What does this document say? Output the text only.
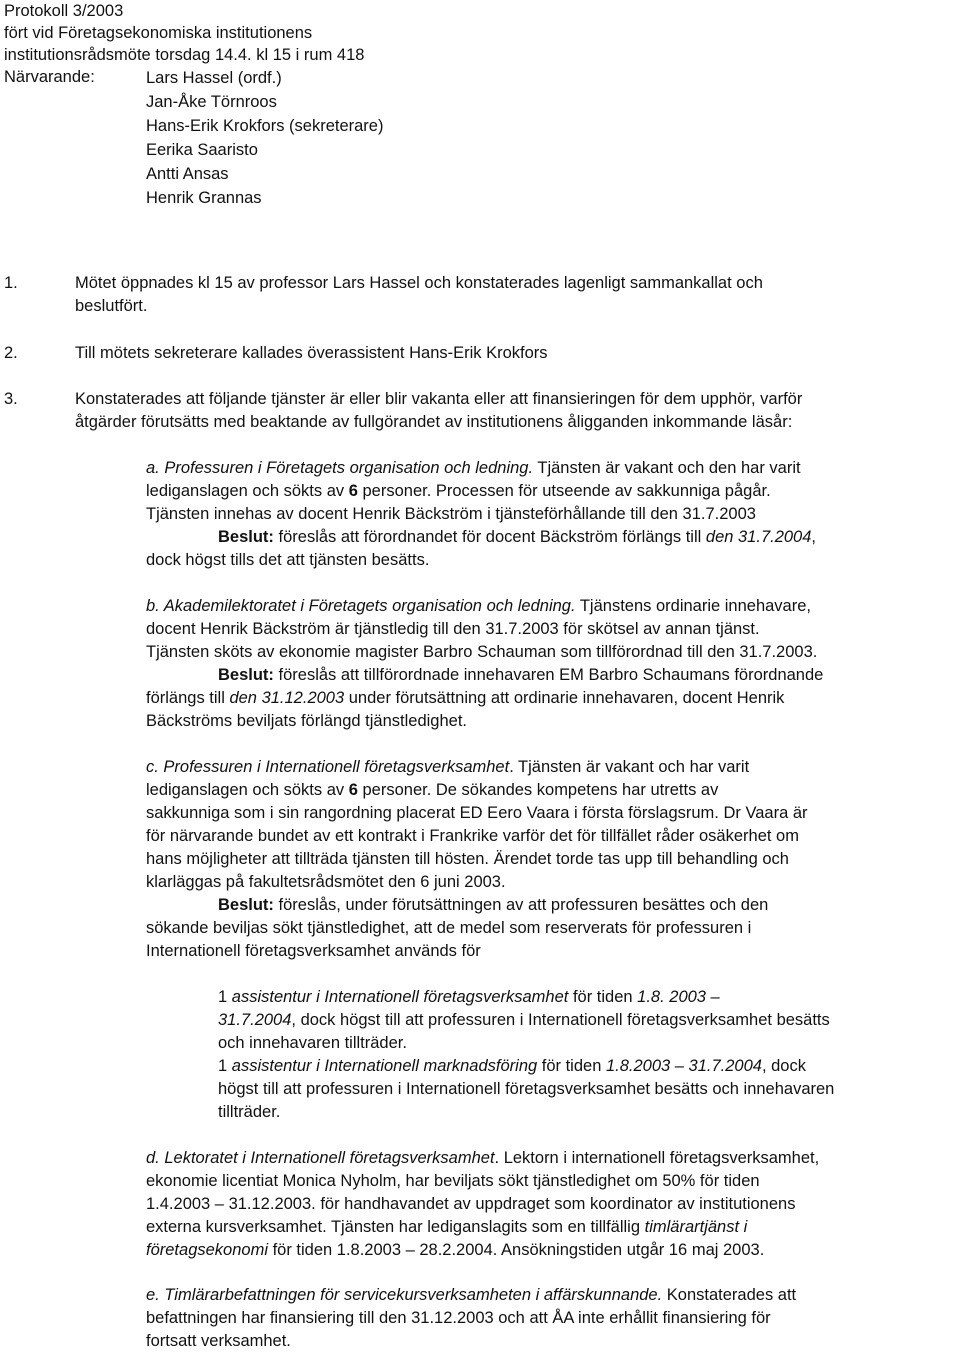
Protokoll 3/2003
fört vid Företagsekonomiska institutionens
institutionsrådsmöte torsdag 14.4. kl 15 i rum 418
Närvarande:	Lars Hassel (ordf.)
Jan-Åke Törnroos
Hans-Erik Krokfors (sekreterare)
Eerika Saaristo
Antti Ansas
Henrik Grannas
1.	Mötet öppnades kl 15 av professor Lars Hassel och konstaterades lagenligt sammankallat och
beslutfört.
2.	Till mötets sekreterare kallades överassistent Hans-Erik Krokfors
3.	Konstaterades att följande tjänster är eller blir vakanta eller att finansieringen för dem upphör, varför
åtgärder förutsätts med beaktande av fullgörandet av institutionens åligganden inkommande läsår:
a. Professuren i Företagets organisation och ledning. Tjänsten är vakant och den har varit
lediganslagen och sökts av 6 personer. Processen för utseende av sakkunniga pågår.
Tjänsten innehas av docent Henrik Bäckström i tjänsteförhållande till den 31.7.2003
Beslut: föreslås att förordnandet för docent Bäckström förlängs till den 31.7.2004,
dock högst tills det att tjänsten besätts.
b. Akademilektoratet i Företagets organisation och ledning. Tjänstens ordinarie innehavare,
docent Henrik Bäckström är tjänstledig till den 31.7.2003 för skötsel av annan tjänst.
Tjänsten sköts av ekonomie magister Barbro Schauman som tillförordnad till den 31.7.2003.
Beslut: föreslås att tillförordnade innehavaren EM Barbro Schaumans förordnande
förlängs till den 31.12.2003 under förutsättning att ordinarie innehavaren, docent Henrik
Bäckströms beviljats förlängd tjänstledighet.
c. Professuren i Internationell företagsverksamhet. Tjänsten är vakant och har varit
lediganslagen och sökts av 6 personer. De sökandes kompetens har utretts av
sakkunniga som i sin rangordning placerat ED Eero Vaara i första förslagsrum. Dr Vaara är
för närvarande bundet av ett kontrakt i Frankrike varför det för tillfället råder osäkerhet om
hans möjligheter att tillträda tjänsten till hösten. Ärendet torde tas upp till behandling och
klarläggas på fakultetsrådsmötet den 6 juni 2003.
Beslut: föreslås, under förutsättningen av att professuren besättes och den
sökande beviljas sökt tjänstledighet, att de medel som reserverats för professuren i
Internationell företagsverksamhet används för
1 assistentur i Internationell företagsverksamhet för tiden 1.8. 2003 –
31.7.2004, dock högst till att professuren i Internationell företagsverksamhet besätts
och innehavaren tillträder.
1 assistentur i Internationell marknadsföring för tiden 1.8.2003 – 31.7.2004, dock
högst till att professuren i Internationell företagsverksamhet besätts och innehavaren
tillträder.
d. Lektoratet i Internationell företagsverksamhet. Lektorn i internationell företagsverksamhet,
ekonomie licentiat Monica Nyholm, har beviljats sökt tjänstledighet om 50% för tiden
1.4.2003 – 31.12.2003. för handhavandet av uppdraget som koordinator av institutionens
externa kursverksamhet. Tjänsten har lediganslagits som en tillfällig timlärartjänst i
företagsekonomi för tiden 1.8.2003 – 28.2.2004. Ansökningstiden utgår 16 maj 2003.
e. Timlärarbefattningen för servicekursverksamheten i affärskunnande. Konstaterades att
befattningen har finansiering till den 31.12.2003 och att ÅA inte erhållit finansiering för
fortsatt verksamhet.
